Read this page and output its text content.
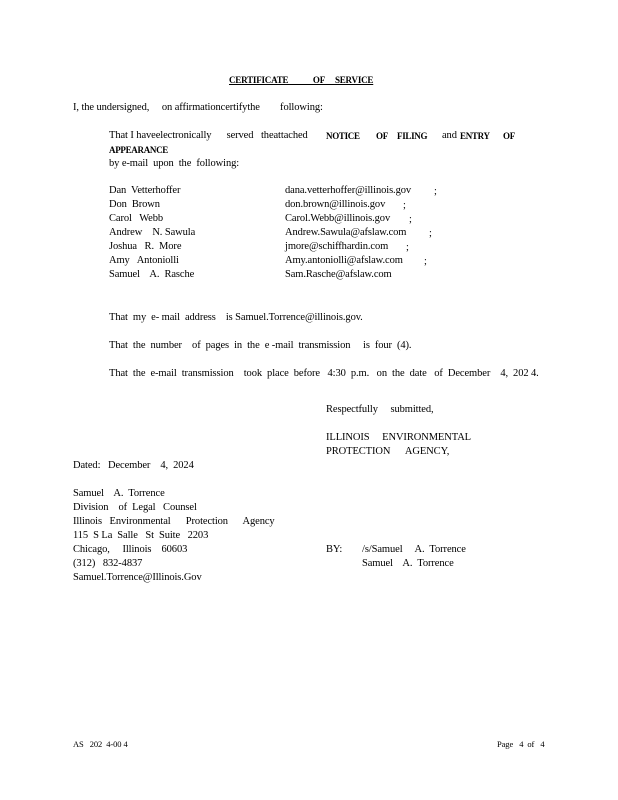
CERTIFICATE            OF     SERVICE
I, the undersigned,     on affirmationcertifythe        following:
That I haveelectronically      served   theattached NOTICE OF FILING and ENTRY OF
APPEARANCE
by e-mail  upon  the  following:
Dan  Vetterhoffer	dana.vetterhoffer@illinois.gov ;
Don  Brown	don.brown@illinois.gov ;
Carol   Webb	Carol.Webb@illinois.gov ;
Andrew    N. Sawula	Andrew.Sawula@afslaw.com ;
Joshua   R.  More	jmore@schiffhardin.com ;
Amy   Antoniolli	Amy.antoniolli@afslaw.com ;
Samuel    A.  Rasche	Sam.Rasche@afslaw.com
That  my  e- mail  address    is Samuel.Torrence@illinois.gov.
That  the  number    of  pages  in  the  e -mail  transmission     is  four  (4).
That  the  e-mail  transmission    took  place  before   4:30  p.m.   on  the  date   of  December    4,  202 4.
Respectfully     submitted,
ILLINOIS     ENVIRONMENTAL
PROTECTION      AGENCY,
Dated:   December    4,  2024
Samuel    A.  Torrence
Division    of  Legal   Counsel
Illinois   Environmental      Protection      Agency
115  S La  Salle   St  Suite   2203
Chicago,     Illinois    60603
(312)   832-4837
Samuel.Torrence@Illinois.Gov
BY: /s/Samuel     A.  Torrence
Samuel    A.  Torrence
AS   202  4-00 4	Page   4  of   4
